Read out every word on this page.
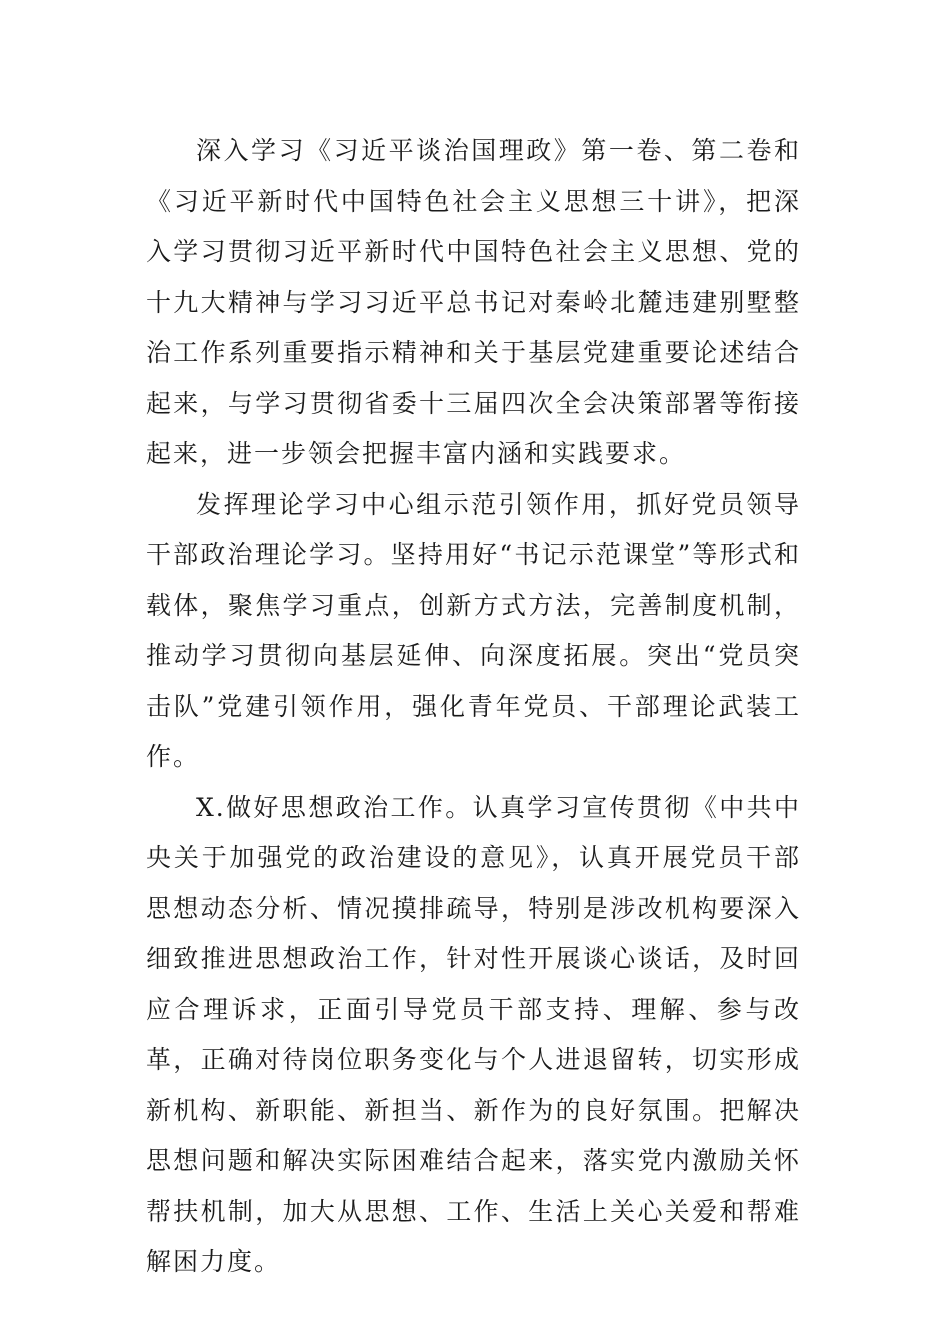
深入学习《习近平谈治国理政》第一卷、第二卷和《习近平新时代中国特色社会主义思想三十讲》，把深入学习贯彻习近平新时代中国特色社会主义思想、党的十九大精神与学习习近平总书记对秦岭北麓违建别墅整治工作系列重要指示精神和关于基层党建重要论述结合起来，与学习贯彻省委十三届四次全会决策部署等衔接起来，进一步领会把握丰富内涵和实践要求。

发挥理论学习中心组示范引领作用，抓好党员领导干部政治理论学习。坚持用好“书记示范课堂”等形式和载体，聚焦学习重点，创新方式方法，完善制度机制，推动学习贯彻向基层延伸、向深度拓展。突出“党员突击队”党建引领作用，强化青年党员、干部理论武装工作。

X.做好思想政治工作。认真学习宣传贯彻《中共中央关于加强党的政治建设的意见》，认真开展党员干部思想动态分析、情况摸排疏导，特别是涉改机构要深入细致推进思想政治工作，针对性开展谈心谈话，及时回应合理诉求，正面引导党员干部支持、理解、参与改革，正确对待岗位职务变化与个人进退留转，切实形成新机构、新职能、新担当、新作为的良好氛围。把解决思想问题和解决实际困难结合起来，落实党内激励关怀帮扶机制，加大从思想、工作、生活上关心关爱和帮难解困力度。
